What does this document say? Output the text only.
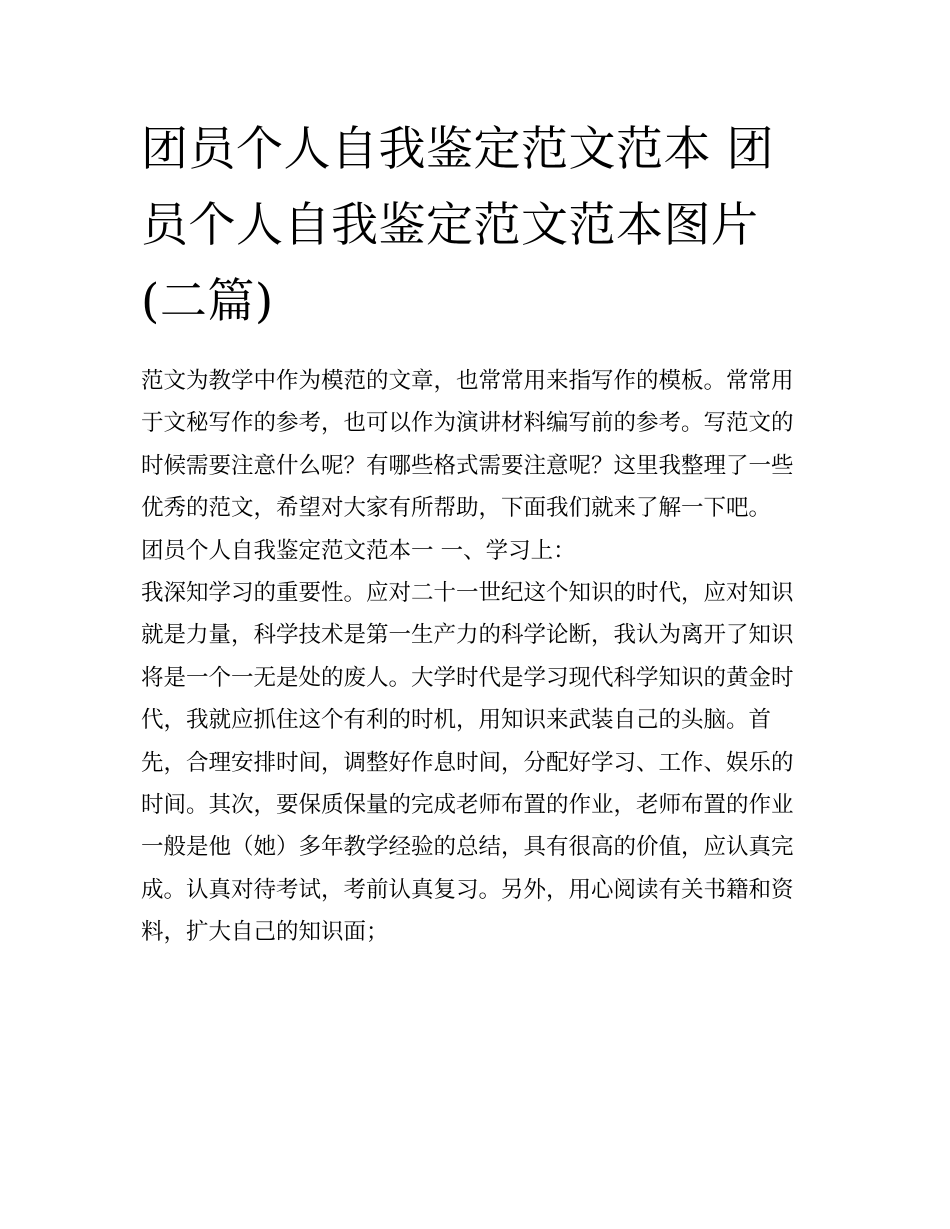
团员个人自我鉴定范文范本 团员个人自我鉴定范文范本图片(二篇)

范文为教学中作为模范的文章，也常常用来指写作的模板。常常用于文秘写作的参考，也可以作为演讲材料编写前的参考。写范文的时候需要注意什么呢？有哪些格式需要注意呢？这里我整理了一些优秀的范文，希望对大家有所帮助，下面我们就来了解一下吧。

团员个人自我鉴定范文范本一 一、学习上：

我深知学习的重要性。应对二十一世纪这个知识的时代，应对知识就是力量，科学技术是第一生产力的科学论断，我认为离开了知识将是一个一无是处的废人。大学时代是学习现代科学知识的黄金时代，我就应抓住这个有利的时机，用知识来武装自己的头脑。首先，合理安排时间，调整好作息时间，分配好学习、工作、娱乐的时间。其次，要保质保量的完成老师布置的作业，老师布置的作业一般是他（她）多年教学经验的总结，具有很高的价值，应认真完成。认真对待考试，考前认真复习。另外，用心阅读有关书籍和资料，扩大自己的知识面；
